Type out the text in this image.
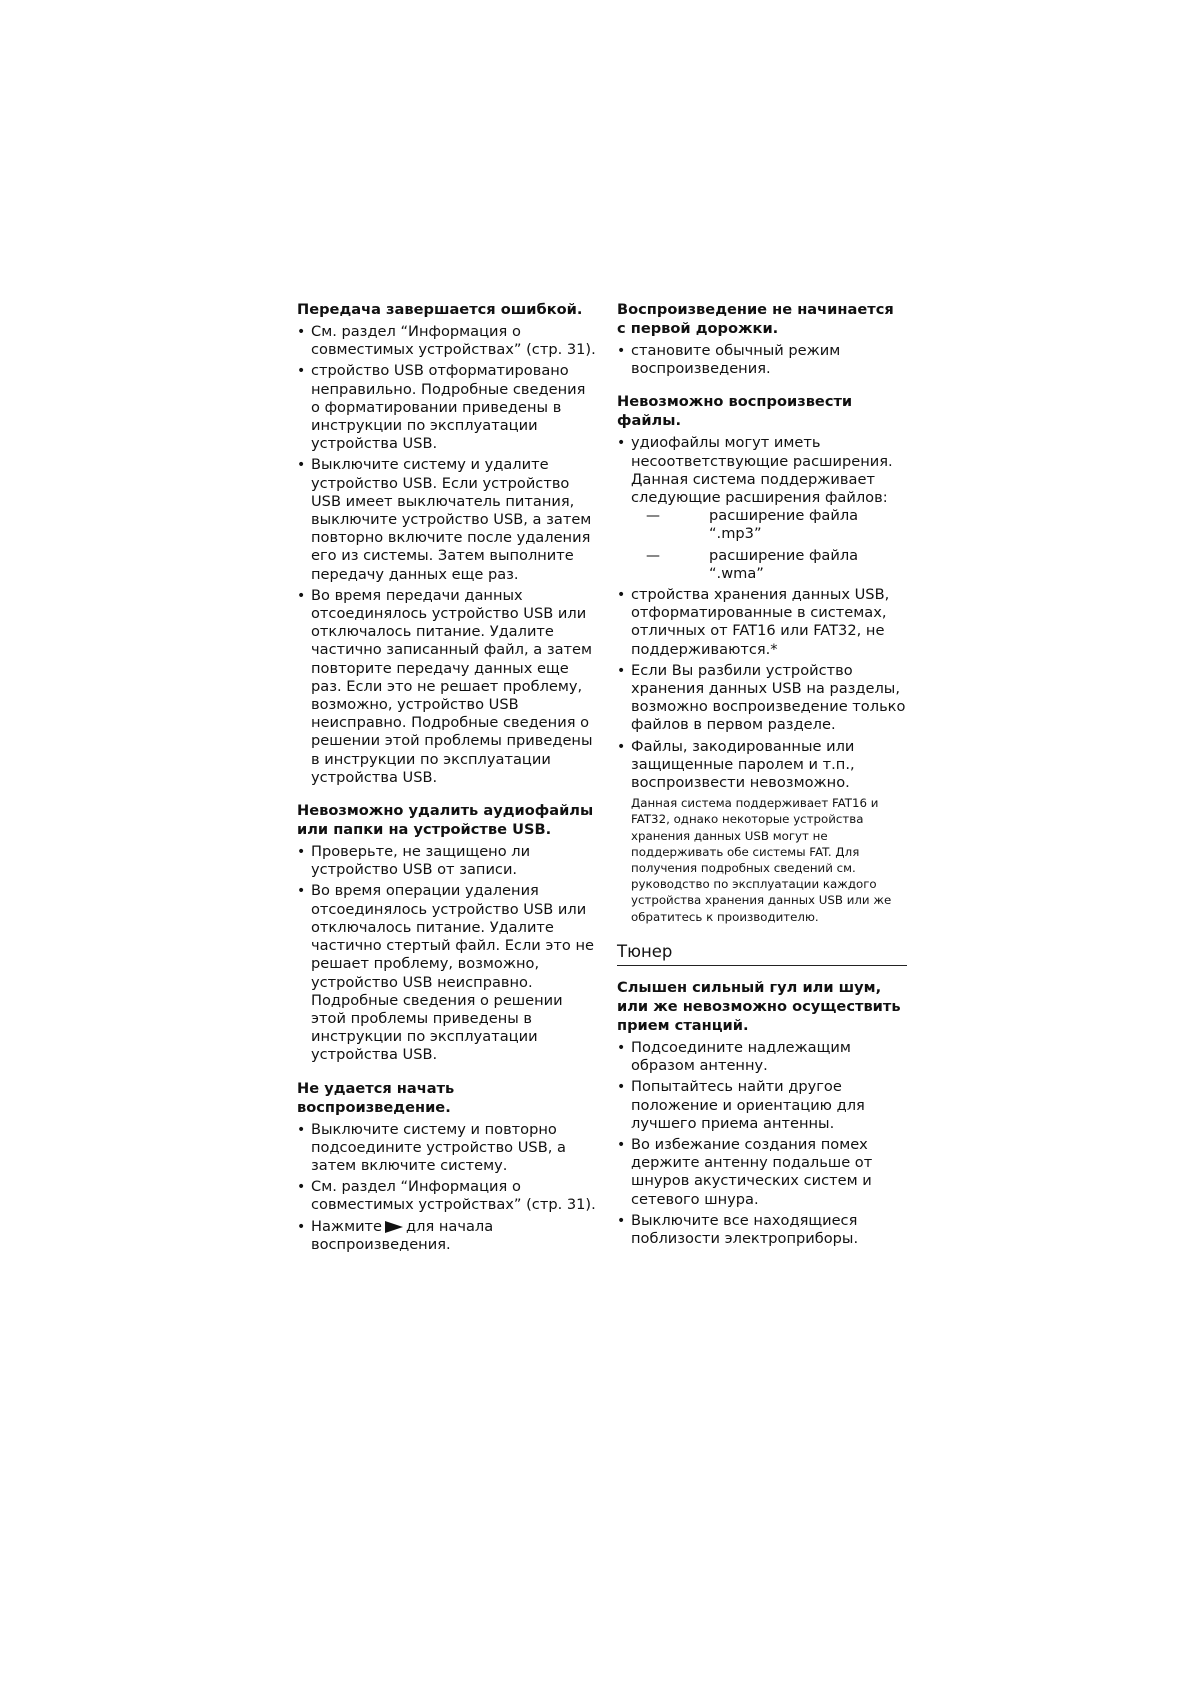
Передача завершается ошибкой.
• См. раздел “Информация о совместимых устройствах” (стр. 31).
• стройство USB отформатировано неправильно. Подробные сведения о форматировании приведены в инструкции по эксплуатации устройства USB.
• Выключите систему и удалите устройство USB. Если устройство USB имеет выключатель питания, выключите устройство USB, а затем повторно включите после удаления его из системы. Затем выполните передачу данных еще раз.
• Во время передачи данных отсоединялось устройство USB или отключалось питание. Удалите частично записанный файл, а затем повторите передачу данных еще раз. Если это не решает проблему, возможно, устройство USB неисправно. Подробные сведения о решении этой проблемы приведены в инструкции по эксплуатации устройства USB.
Невозможно удалить аудиофайлы или папки на устройстве USB.
• Проверьте, не защищено ли устройство USB от записи.
• Во время операции удаления отсоединялось устройство USB или отключалось питание. Удалите частично стертый файл. Если это не решает проблему, возможно, устройство USB неисправно. Подробные сведения о решении этой проблемы приведены в инструкции по эксплуатации устройства USB.
Не удается начать воспроизведение.
• Выключите систему и повторно подсоедините устройство USB, а затем включите систему.
• См. раздел “Информация о совместимых устройствах” (стр. 31).
• Нажмите для начала воспроизведения.
Воспроизведение не начинается с первой дорожки.
• становите обычный режим воспроизведения.
Невозможно воспроизвести файлы.
• удиофайлы могут иметь несоответствующие расширения. Данная система поддерживает следующие расширения файлов:
— расширение файла “.mp3”
— расширение файла “.wma”
• стройства хранения данных USB, отформатированные в системах, отличных от FAT16 или FAT32, не поддерживаются.*
• Если Вы разбили устройство хранения данных USB на разделы, возможно воспроизведение только файлов в первом разделе.
• Файлы, закодированные или защищенные паролем и т.п., воспроизвести невозможно.
Данная система поддерживает FAT16 и FAT32, однако некоторые устройства хранения данных USB могут не поддерживать обе системы FAT. Для получения подробных сведений см. руководство по эксплуатации каждого устройства хранения данных USB или же обратитесь к производителю.
Тюнер
Слышен сильный гул или шум, или же невозможно осуществить прием станций.
• Подсоедините надлежащим образом антенну.
• Попытайтесь найти другое положение и ориентацию для лучшего приема антенны.
• Во избежание создания помех держите антенну подальше от шнуров акустических систем и сетевого шнура.
• Выключите все находящиеся поблизости электроприборы.
